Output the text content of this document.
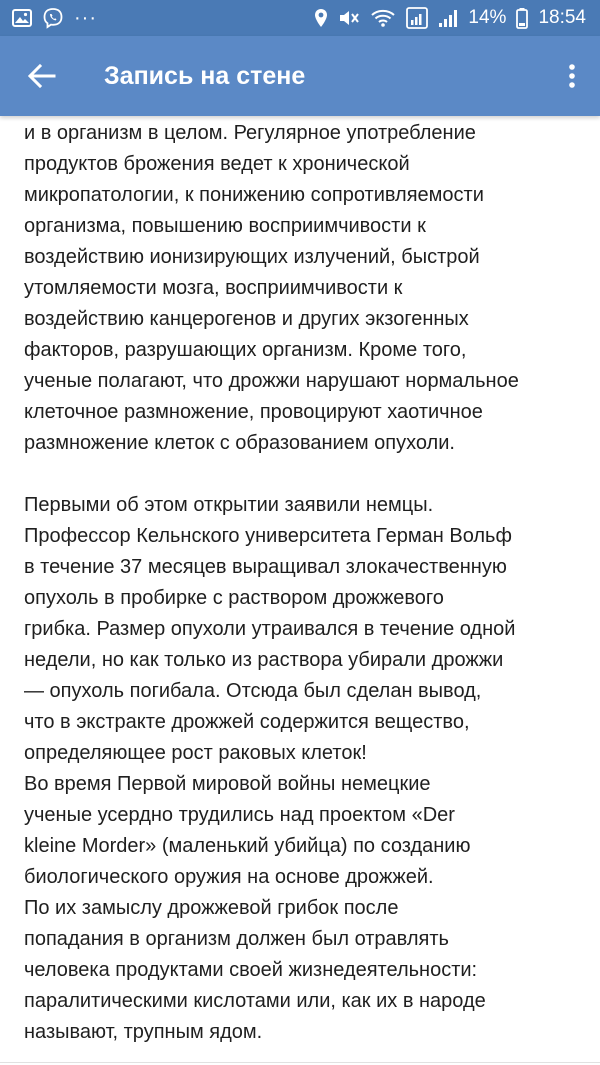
···	14% 18:54
Запись на стене
и в организм в целом. Регулярное употребление
продуктов брожения ведет к хронической
микропатологии, к понижению сопротивляемости
организма, повышению восприимчивости к
воздействию ионизирующих излучений, быстрой
утомляемости мозга, восприимчивости к
воздействию канцерогенов и других экзогенных
факторов, разрушающих организм. Кроме того,
ученые полагают, что дрожжи нарушают нормальное
клеточное размножение, провоцируют хаотичное
размножение клеток с образованием опухоли.
Первыми об этом открытии заявили немцы.
Профессор Кельнского университета Герман Вольф
в течение 37 месяцев выращивал злокачественную
опухоль в пробирке с раствором дрожжевого
грибка. Размер опухоли утраивался в течение одной
недели, но как только из раствора убирали дрожжи
— опухоль погибала. Отсюда был сделан вывод,
что в экстракте дрожжей содержится вещество,
определяющее рост раковых клеток!
Во время Первой мировой войны немецкие
ученые усердно трудились над проектом «Der
kleine Morder» (маленький убийца) по созданию
биологического оружия на основе дрожжей.
По их замыслу дрожжевой грибок после
попадания в организм должен был отравлять
человека продуктами своей жизнедеятельности:
паралитическими кислотами или, как их в народе
называют, трупным ядом.
